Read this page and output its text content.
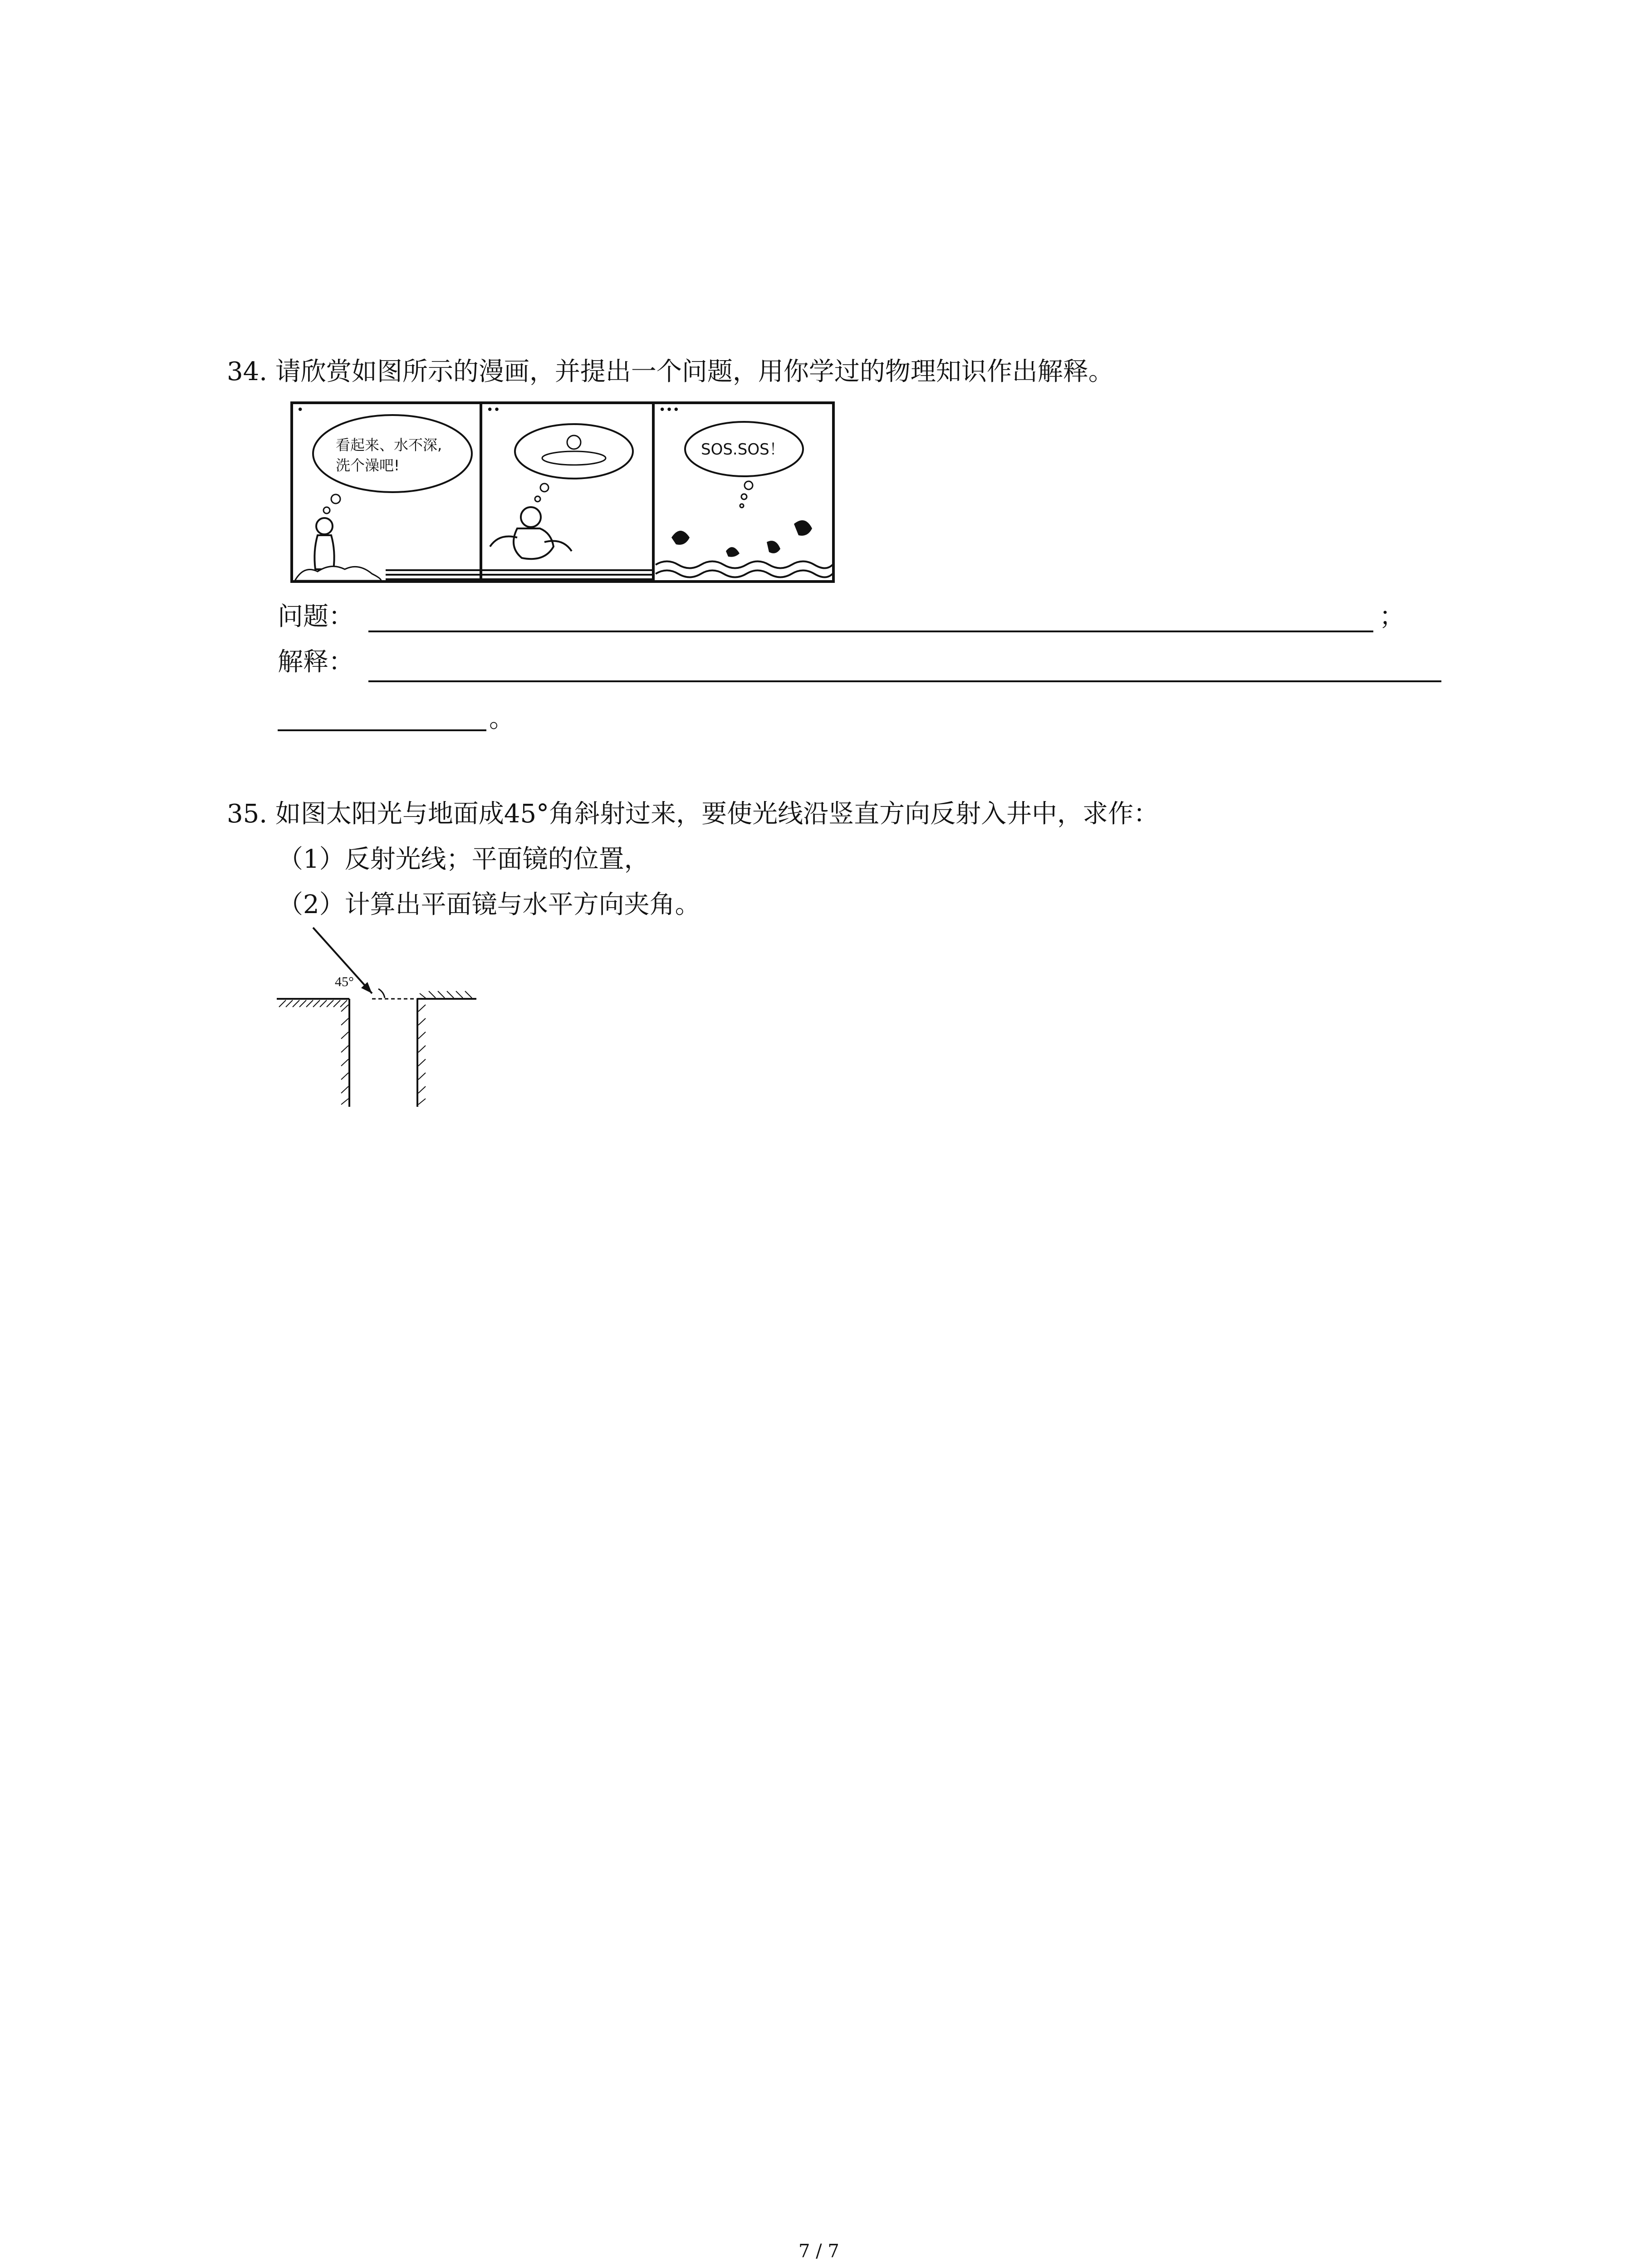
34. 请欣赏如图所示的漫画，并提出一个问题，用你学过的物理知识作出解释。
•	••	•••
看起来、水不深,
洗个澡吧!
SOS.SOS！
问题：	；
解释：
。
35. 如图太阳光与地面成45°角斜射过来，要使光线沿竖直方向反射入井中，求作：
（1）反射光线；平面镜的位置，
（2）计算出平面镜与水平方向夹角。
45°
7 / 7
